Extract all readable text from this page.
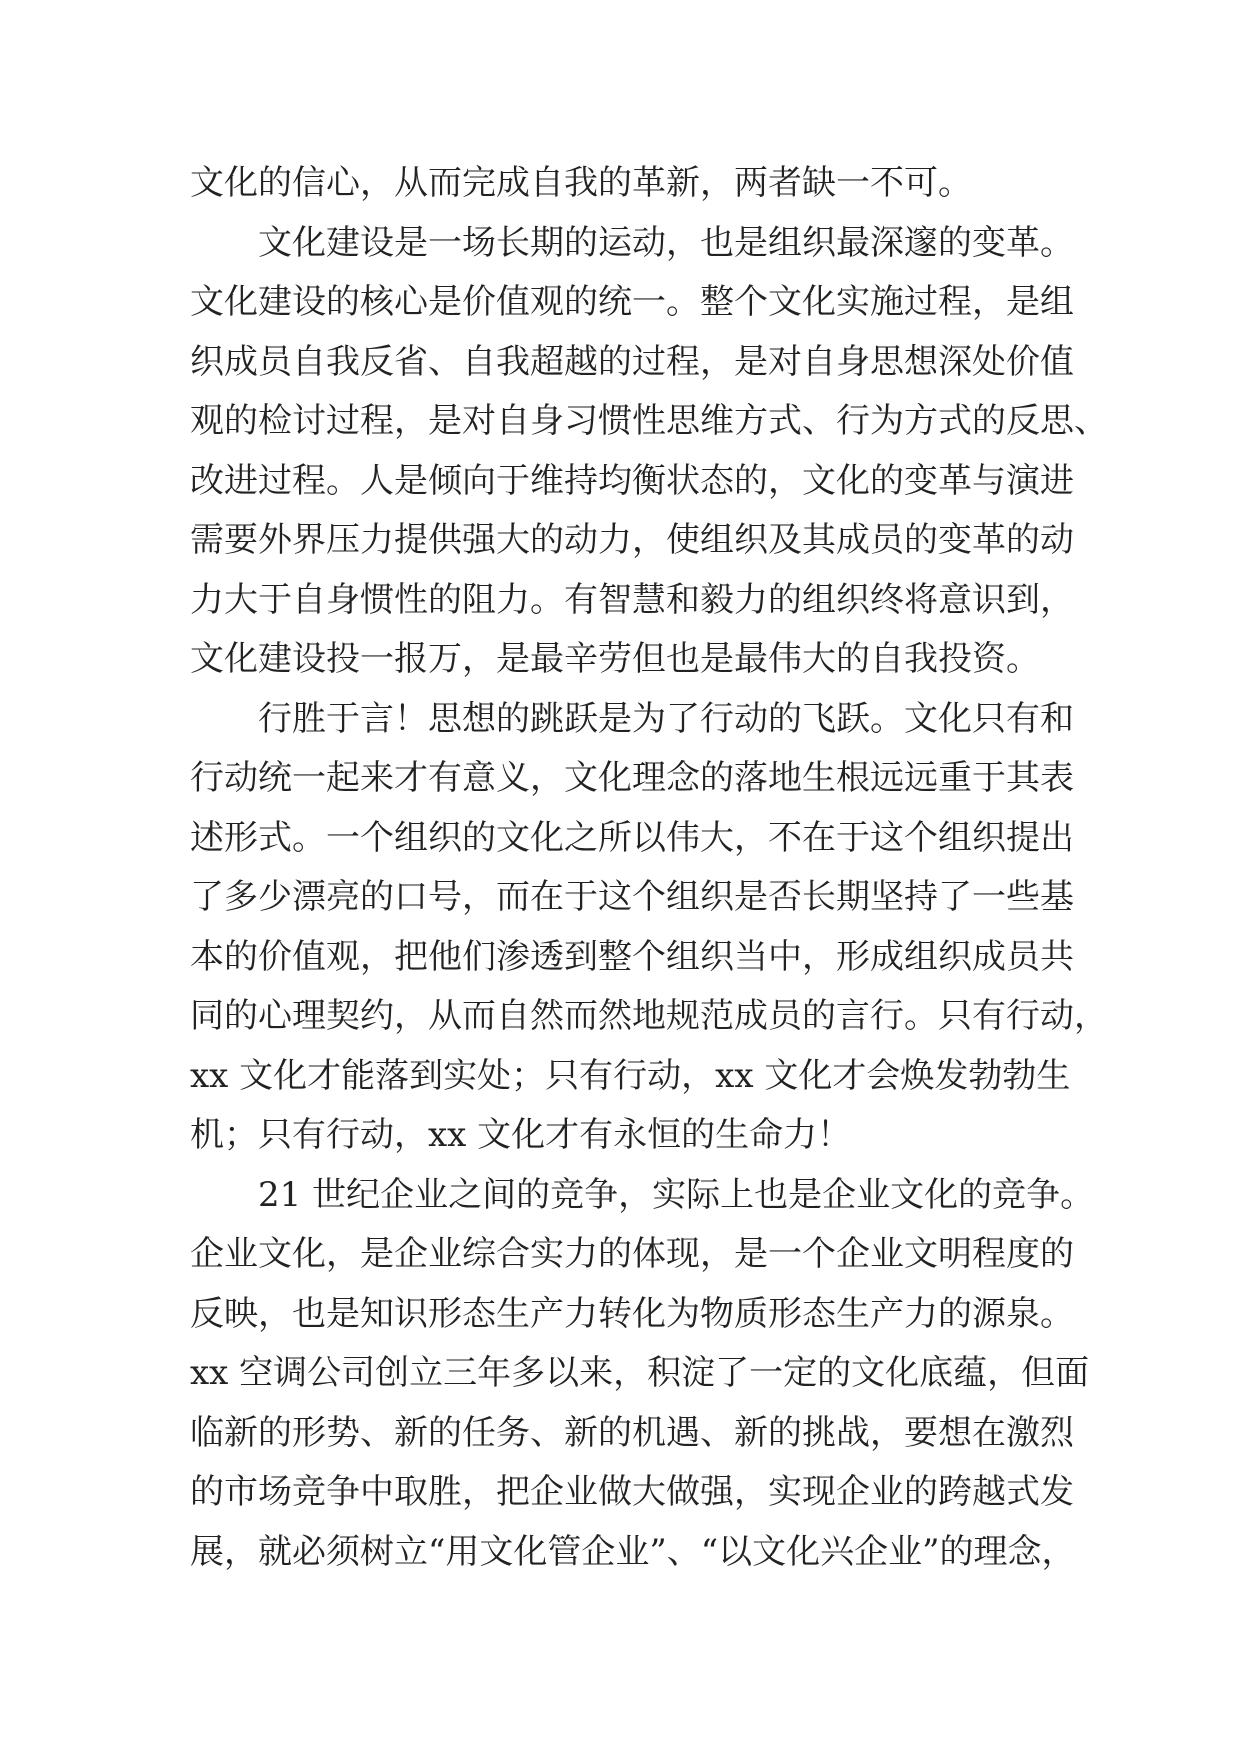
文化的信心，从而完成自我的革新，两者缺一不可。
　　文化建设是一场长期的运动，也是组织最深邃的变革。
文化建设的核心是价值观的统一。整个文化实施过程，是组
织成员自我反省、自我超越的过程，是对自身思想深处价值
观的检讨过程，是对自身习惯性思维方式、行为方式的反思、
改进过程。人是倾向于维持均衡状态的，文化的变革与演进
需要外界压力提供强大的动力，使组织及其成员的变革的动
力大于自身惯性的阻力。有智慧和毅力的组织终将意识到，
文化建设投一报万，是最辛劳但也是最伟大的自我投资。
　　行胜于言！思想的跳跃是为了行动的飞跃。文化只有和
行动统一起来才有意义，文化理念的落地生根远远重于其表
述形式。一个组织的文化之所以伟大，不在于这个组织提出
了多少漂亮的口号，而在于这个组织是否长期坚持了一些基
本的价值观，把他们渗透到整个组织当中，形成组织成员共
同的心理契约，从而自然而然地规范成员的言行。只有行动，
xx 文化才能落到实处；只有行动，xx 文化才会焕发勃勃生
机；只有行动，xx 文化才有永恒的生命力！
　　21 世纪企业之间的竞争，实际上也是企业文化的竞争。
企业文化，是企业综合实力的体现，是一个企业文明程度的
反映，也是知识形态生产力转化为物质形态生产力的源泉。
xx 空调公司创立三年多以来，积淀了一定的文化底蕴，但面
临新的形势、新的任务、新的机遇、新的挑战，要想在激烈
的市场竞争中取胜，把企业做大做强，实现企业的跨越式发
展，就必须树立“用文化管企业”、“以文化兴企业”的理念，
